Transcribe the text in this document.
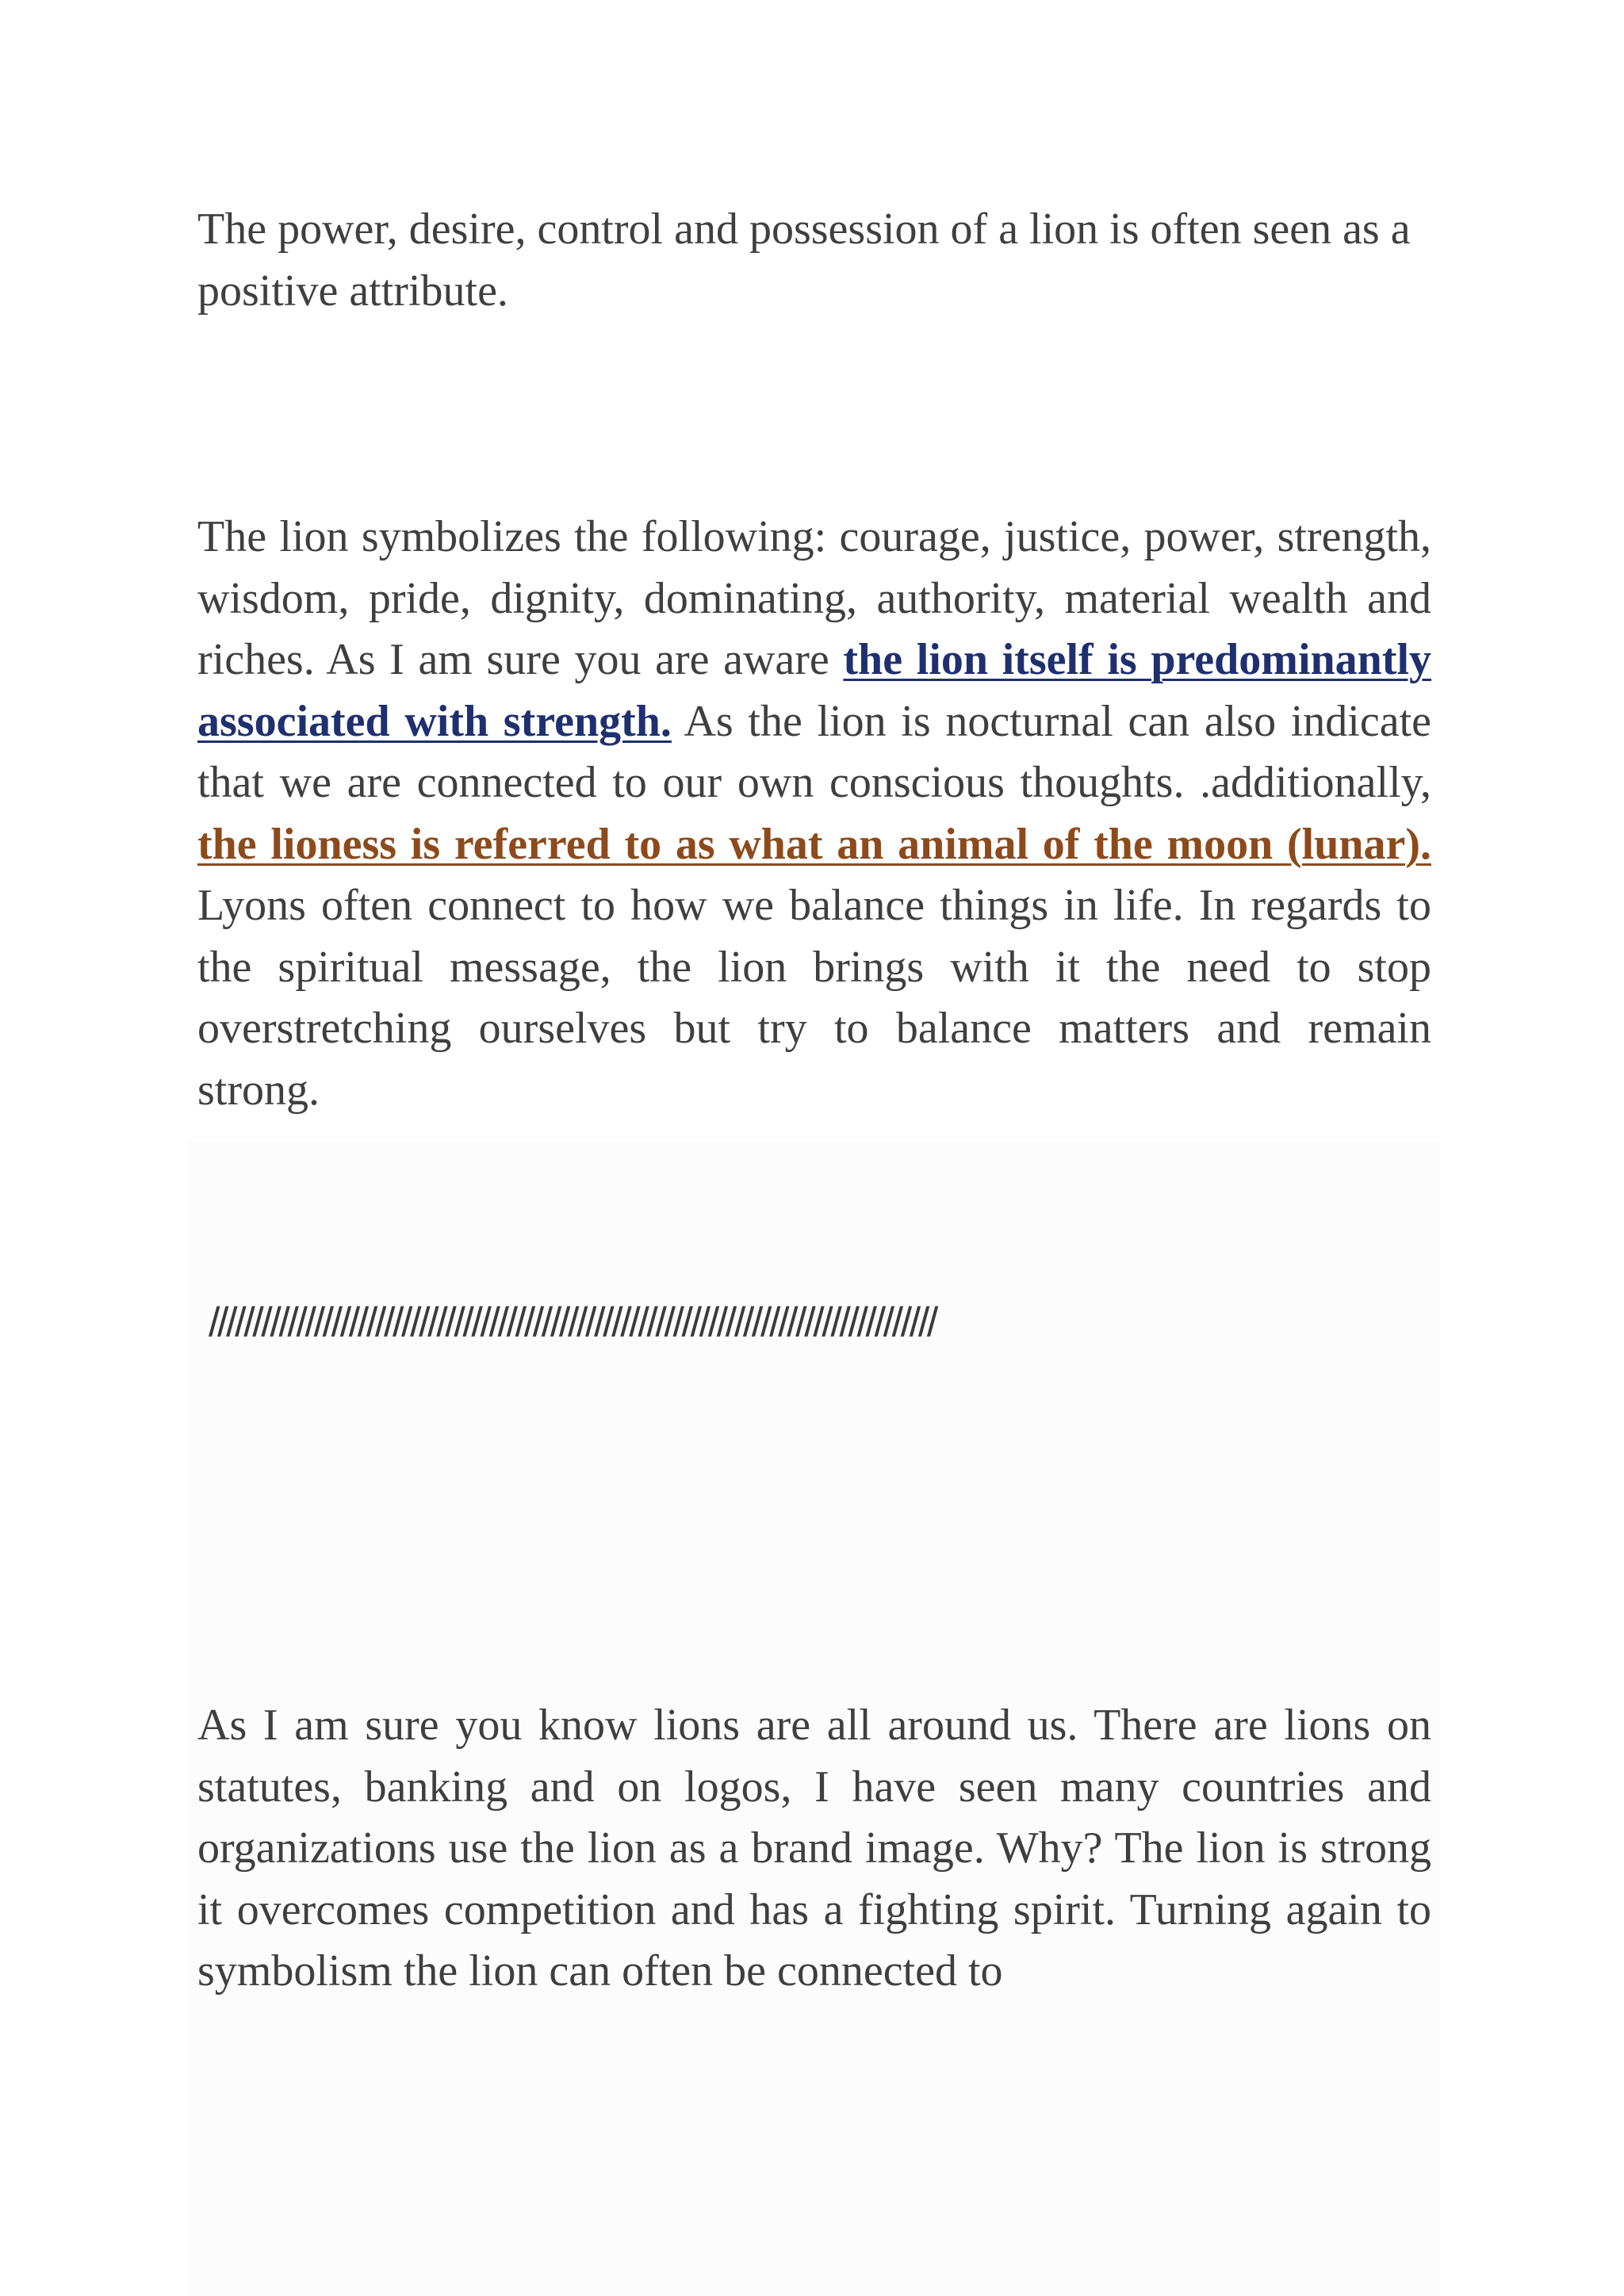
The power, desire, control and possession of a lion is often seen as a positive attribute.

The lion symbolizes the following: courage, justice, power, strength, wisdom, pride, dignity, dominating, authority, material wealth and riches. As I am sure you are aware the lion itself is predominantly associated with strength. As the lion is nocturnal can also indicate that we are connected to our own conscious thoughts. .additionally, the lioness is referred to as what an animal of the moon (lunar). Lyons often connect to how we balance things in life. In regards to the spiritual message, the lion brings with it the need to stop overstretching ourselves but try to balance matters and remain strong.

///////////////////////////////////////////////////////////////////////////////////

As I am sure you know lions are all around us. There are lions on statutes, banking and on logos, I have seen many countries and organizations use the lion as a brand image. Why? The lion is strong it overcomes competition and has a fighting spirit. Turning again to symbolism the lion can often be connected to
